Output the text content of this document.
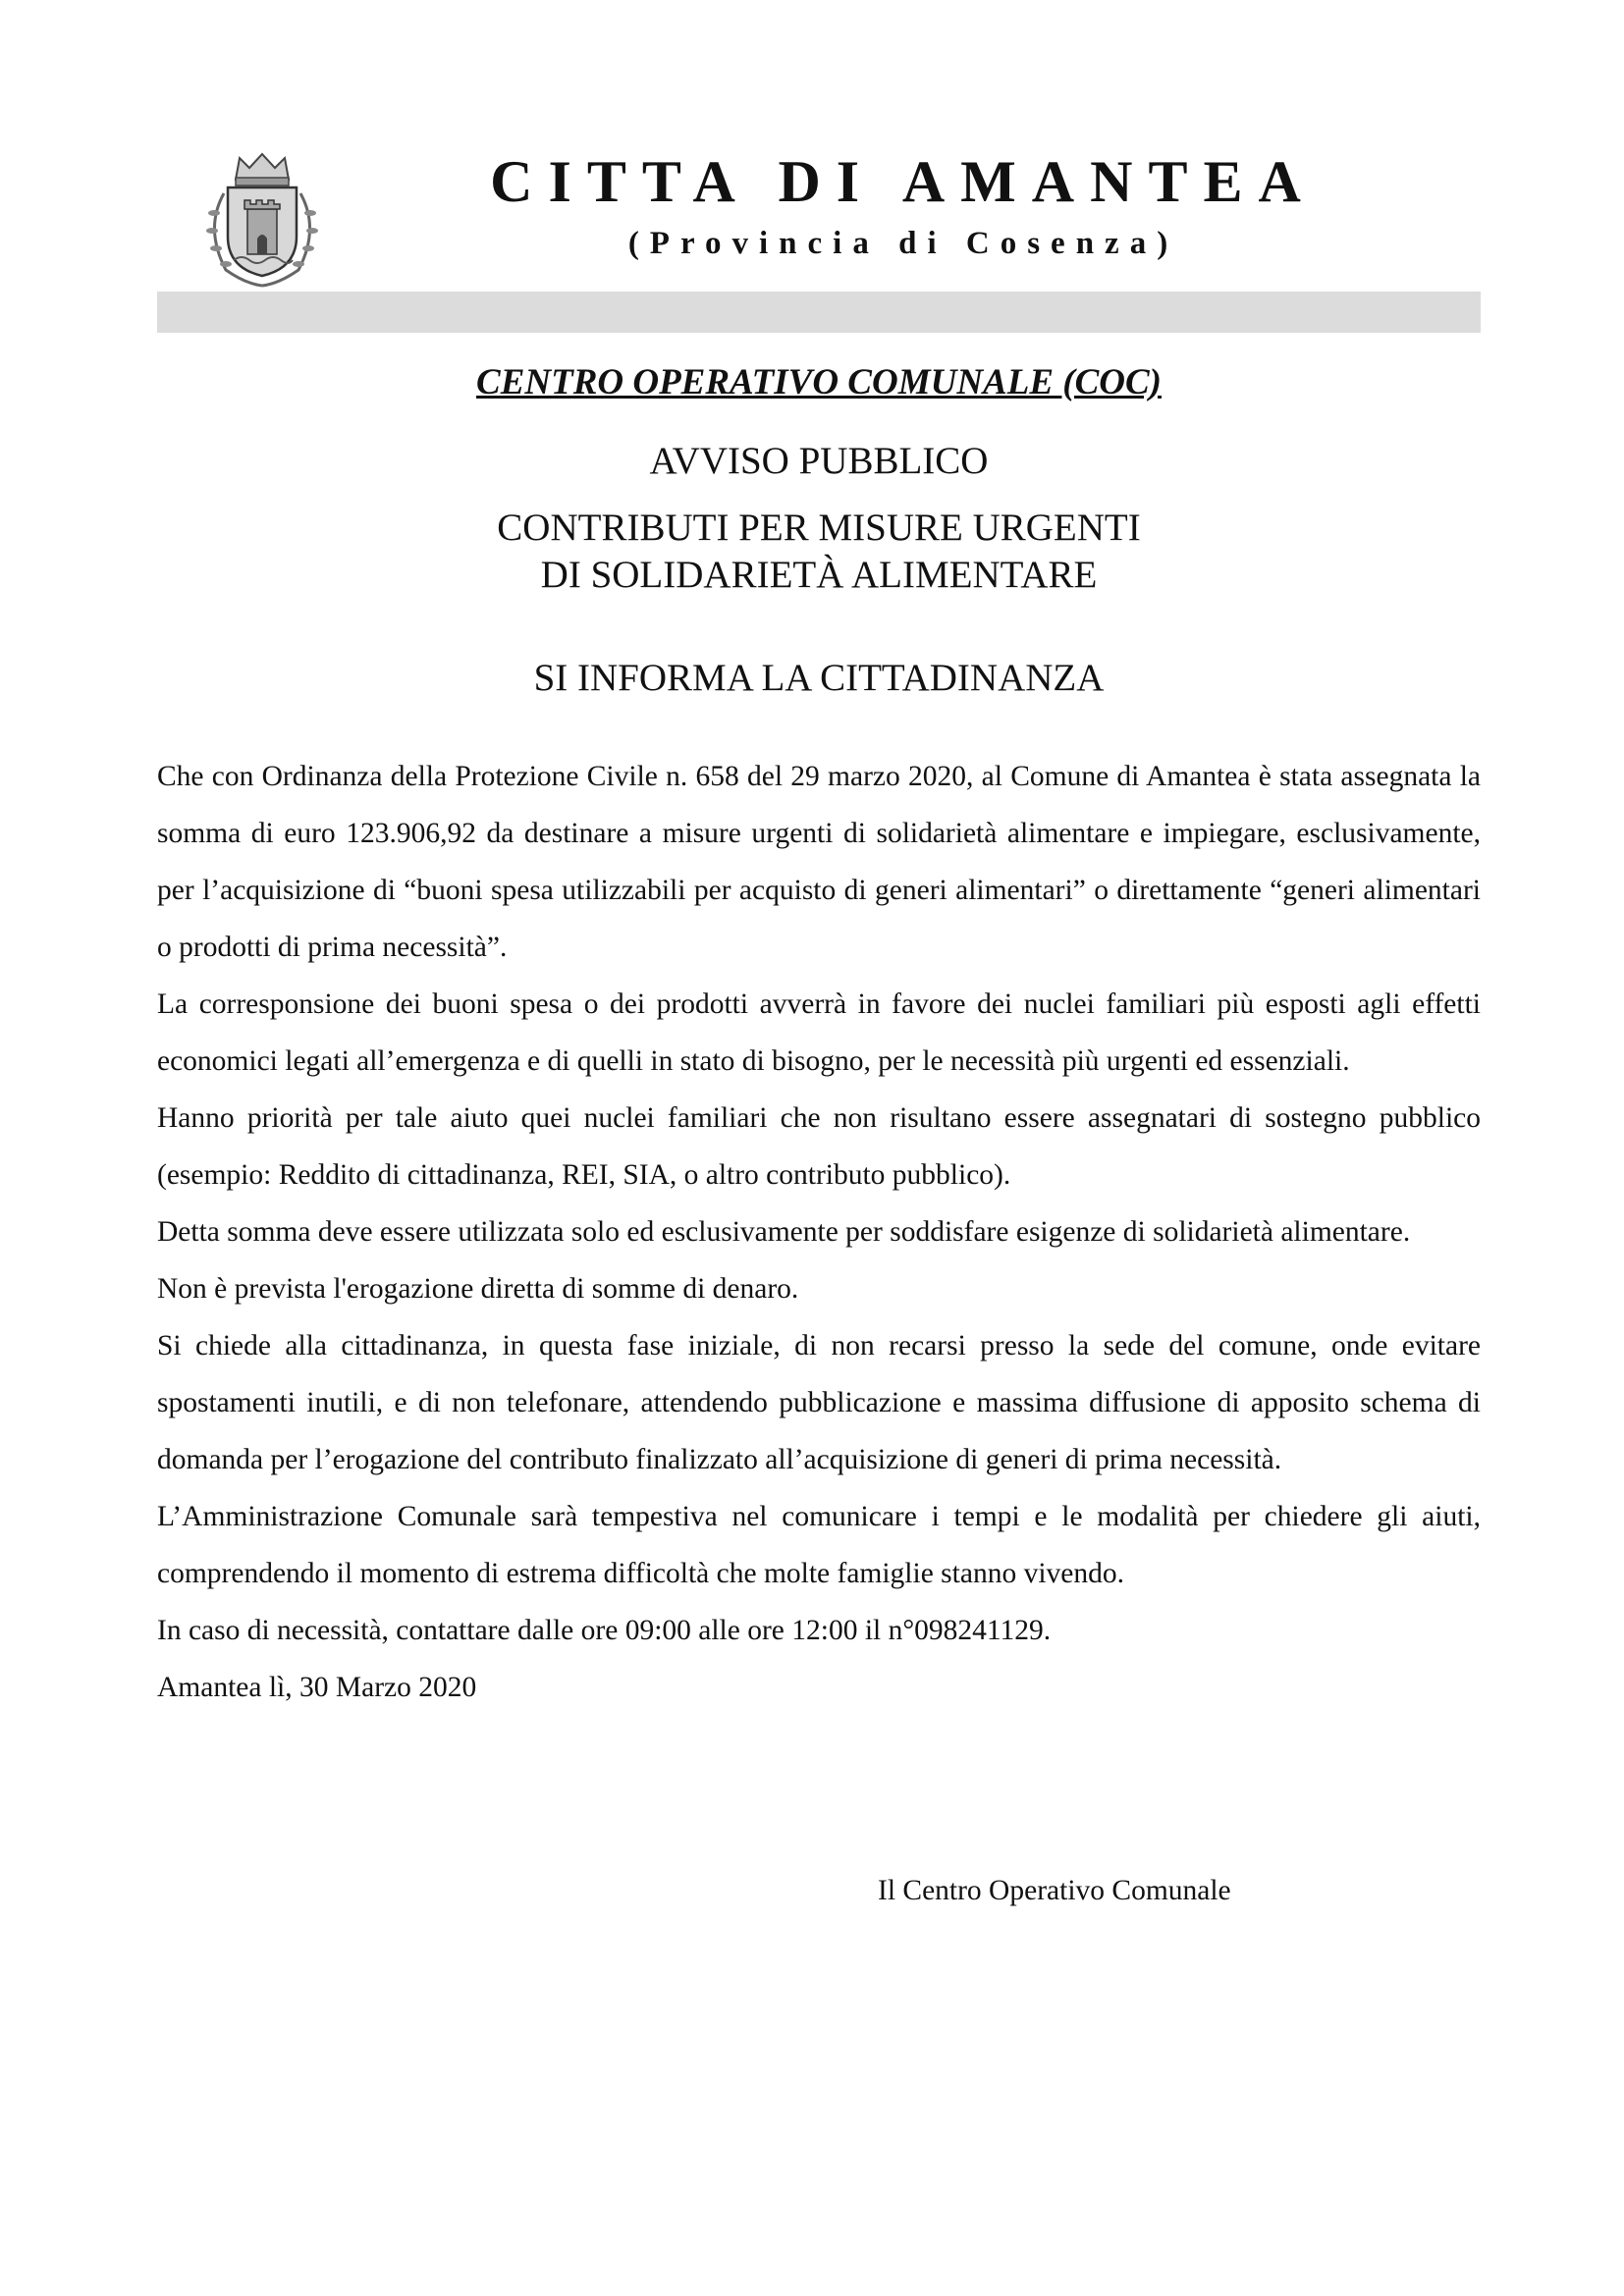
CITTA DI AMANTEA
(Provincia di Cosenza)
CENTRO OPERATIVO COMUNALE (COC)
AVVISO PUBBLICO
CONTRIBUTI PER MISURE URGENTI
DI SOLIDARIETÀ ALIMENTARE
SI INFORMA LA CITTADINANZA

Che con Ordinanza della Protezione Civile n. 658 del 29 marzo 2020, al Comune di Amantea è stata assegnata la somma di euro 123.906,92 da destinare a misure urgenti di solidarietà alimentare e impiegare, esclusivamente, per l’acquisizione di “buoni spesa utilizzabili per acquisto di generi alimentari” o direttamente “generi alimentari o prodotti di prima necessità”.

La corresponsione dei buoni spesa o dei prodotti avverrà in favore dei nuclei familiari più esposti agli effetti economici legati all’emergenza e di quelli in stato di bisogno, per le necessità più urgenti ed essenziali.

Hanno priorità per tale aiuto quei nuclei familiari che non risultano essere assegnatari di sostegno pubblico (esempio: Reddito di cittadinanza, REI, SIA, o altro contributo pubblico).

Detta somma deve essere utilizzata solo ed esclusivamente per soddisfare esigenze di solidarietà alimentare.

Non è prevista l'erogazione diretta di somme di denaro.

Si chiede alla cittadinanza, in questa fase iniziale, di non recarsi presso la sede del comune, onde evitare spostamenti inutili, e di non telefonare, attendendo pubblicazione e massima diffusione di apposito schema di domanda per l’erogazione del contributo finalizzato all’acquisizione di generi di prima necessità.

L’Amministrazione Comunale sarà tempestiva nel comunicare i tempi e le modalità per chiedere gli aiuti, comprendendo il momento di estrema difficoltà che molte famiglie stanno vivendo.

In caso di necessità, contattare dalle ore 09:00 alle ore 12:00 il n°098241129.

Amantea lì, 30 Marzo 2020

Il Centro Operativo Comunale
